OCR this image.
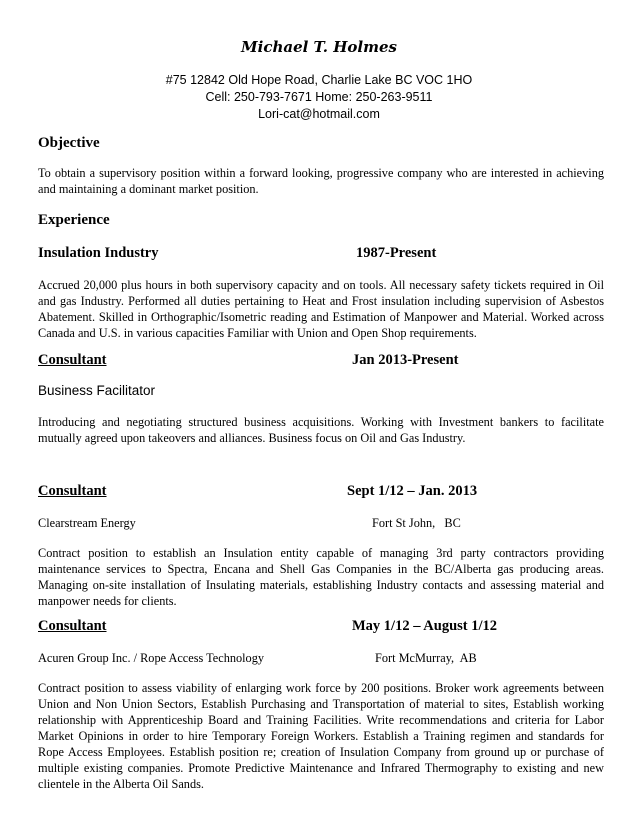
Michael T. Holmes
#75 12842 Old Hope Road, Charlie Lake BC VOC 1HO
Cell: 250-793-7671 Home: 250-263-9511
Lori-cat@hotmail.com
Objective
To obtain a supervisory position within a forward looking, progressive company who are interested in achieving and maintaining a dominant market position.
Experience
Insulation Industry	1987-Present
Accrued 20,000 plus hours in both supervisory capacity and on tools. All necessary safety tickets required in Oil and gas Industry. Performed all duties pertaining to Heat and Frost insulation including supervision of Asbestos Abatement. Skilled in Orthographic/Isometric reading and Estimation of Manpower and Material. Worked across Canada and U.S. in various capacities Familiar with Union and Open Shop requirements.
Consultant	Jan 2013-Present
Business Facilitator
Introducing and negotiating structured business acquisitions. Working with Investment bankers to facilitate mutually agreed upon takeovers and alliances. Business focus on Oil and Gas Industry.
Consultant	Sept 1/12 – Jan. 2013
Clearstream Energy	Fort St John,   BC
Contract position to establish an Insulation entity capable of managing 3rd party contractors providing maintenance services to Spectra, Encana and Shell Gas Companies in the BC/Alberta gas producing areas. Managing on-site installation of Insulating materials, establishing Industry contacts and assessing material and manpower needs for clients.
Consultant	May 1/12 – August 1/12
Acuren Group Inc. / Rope Access Technology	Fort McMurray,  AB
Contract position to assess viability of enlarging work force by 200 positions. Broker work agreements between Union and Non Union Sectors, Establish Purchasing and Transportation of material to sites, Establish working relationship with Apprenticeship Board and Training Facilities. Write recommendations and criteria for Labor Market Opinions in order to hire Temporary Foreign Workers. Establish a Training regimen and standards for Rope Access Employees. Establish position re; creation of Insulation Company from ground up or purchase of multiple existing companies. Promote Predictive Maintenance and Infrared Thermography to existing and new clientele in the Alberta Oil Sands.
